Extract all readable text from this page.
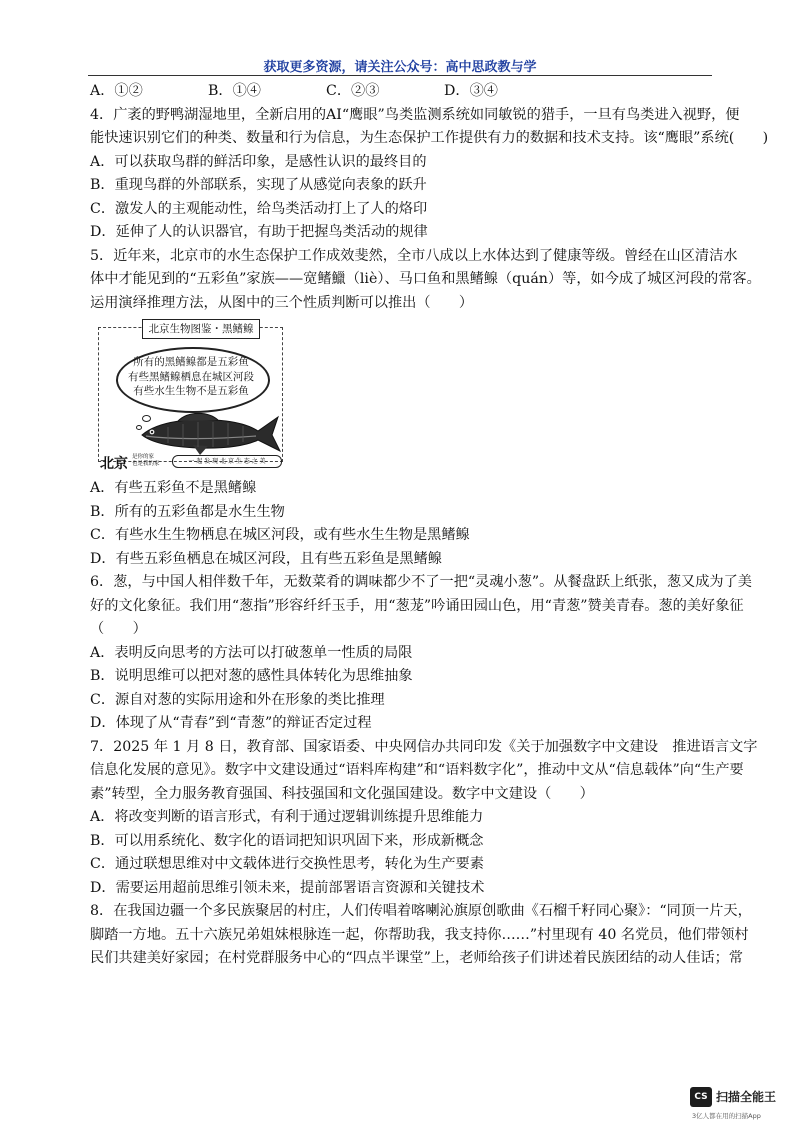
获取更多资源，请关注公众号：高中思政教与学
A．①②	B．①④	C．②③	D．③④
4．广袤的野鸭湖湿地里，全新启用的AI“鹰眼”鸟类监测系统如同敏锐的猎手，一旦有鸟类进入视野，便
能快速识别它们的种类、数量和行为信息，为生态保护工作提供有力的数据和技术支持。该“鹰眼”系统(　　)
A．可以获取鸟群的鲜活印象，是感性认识的最终目的
B．重现鸟群的外部联系，实现了从感觉向表象的跃升
C．激发人的主观能动性，给鸟类活动打上了人的烙印
D．延伸了人的认识器官，有助于把握鸟类活动的规律
5．近年来，北京市的水生态保护工作成效斐然，全市八成以上水体达到了健康等级。曾经在山区清洁水
体中才能见到的“五彩鱼”家族——宽鳍鱲（liè）、马口鱼和黑鳍鳈（quán）等，如今成了城区河段的常客。
运用演绎推理方法，从图中的三个性质判断可以推出（　　）
所有的黑鳍鳈都是五彩鱼
有些黑鳍鳈栖息在城区河段
有些水生生物不是五彩鱼
北京生物图鉴・黑鳍鳈
北京 是你的家
也是我的家	一 起 发 现 北 京 生 态 之 美
A．有些五彩鱼不是黑鳍鳈
B．所有的五彩鱼都是水生生物
C．有些水生生物栖息在城区河段，或有些水生生物是黑鳍鳈
D．有些五彩鱼栖息在城区河段，且有些五彩鱼是黑鳍鳈
6．葱，与中国人相伴数千年，无数菜肴的调味都少不了一把“灵魂小葱”。从餐盘跃上纸张，葱又成为了美
好的文化象征。我们用“葱指”形容纤纤玉手，用“葱茏”吟诵田园山色，用“青葱”赞美青春。葱的美好象征
（　　）
A．表明反向思考的方法可以打破葱单一性质的局限
B．说明思维可以把对葱的感性具体转化为思维抽象
C．源自对葱的实际用途和外在形象的类比推理
D．体现了从“青春”到“青葱”的辩证否定过程
7．2025 年 1 月 8 日，教育部、国家语委、中央网信办共同印发《关于加强数字中文建设　推进语言文字
信息化发展的意见》。数字中文建设通过“语料库构建”和“语料数字化”，推动中文从“信息载体”向“生产要
素”转型，全力服务教育强国、科技强国和文化强国建设。数字中文建设（　　）
A．将改变判断的语言形式，有利于通过逻辑训练提升思维能力
B．可以用系统化、数字化的语词把知识巩固下来，形成新概念
C．通过联想思维对中文载体进行交换性思考，转化为生产要素
D．需要运用超前思维引领未来，提前部署语言资源和关键技术
8．在我国边疆一个多民族聚居的村庄，人们传唱着喀喇沁旗原创歌曲《石榴千籽同心聚》：“同顶一片天，
脚踏一方地。五十六族兄弟姐妹根脉连一起，你帮助我，我支持你……”村里现有 40 名党员，他们带领村
民们共建美好家园；在村党群服务中心的“四点半课堂”上，老师给孩子们讲述着民族团结的动人佳话；常
CS 扫描全能王
3亿人都在用的扫描App
